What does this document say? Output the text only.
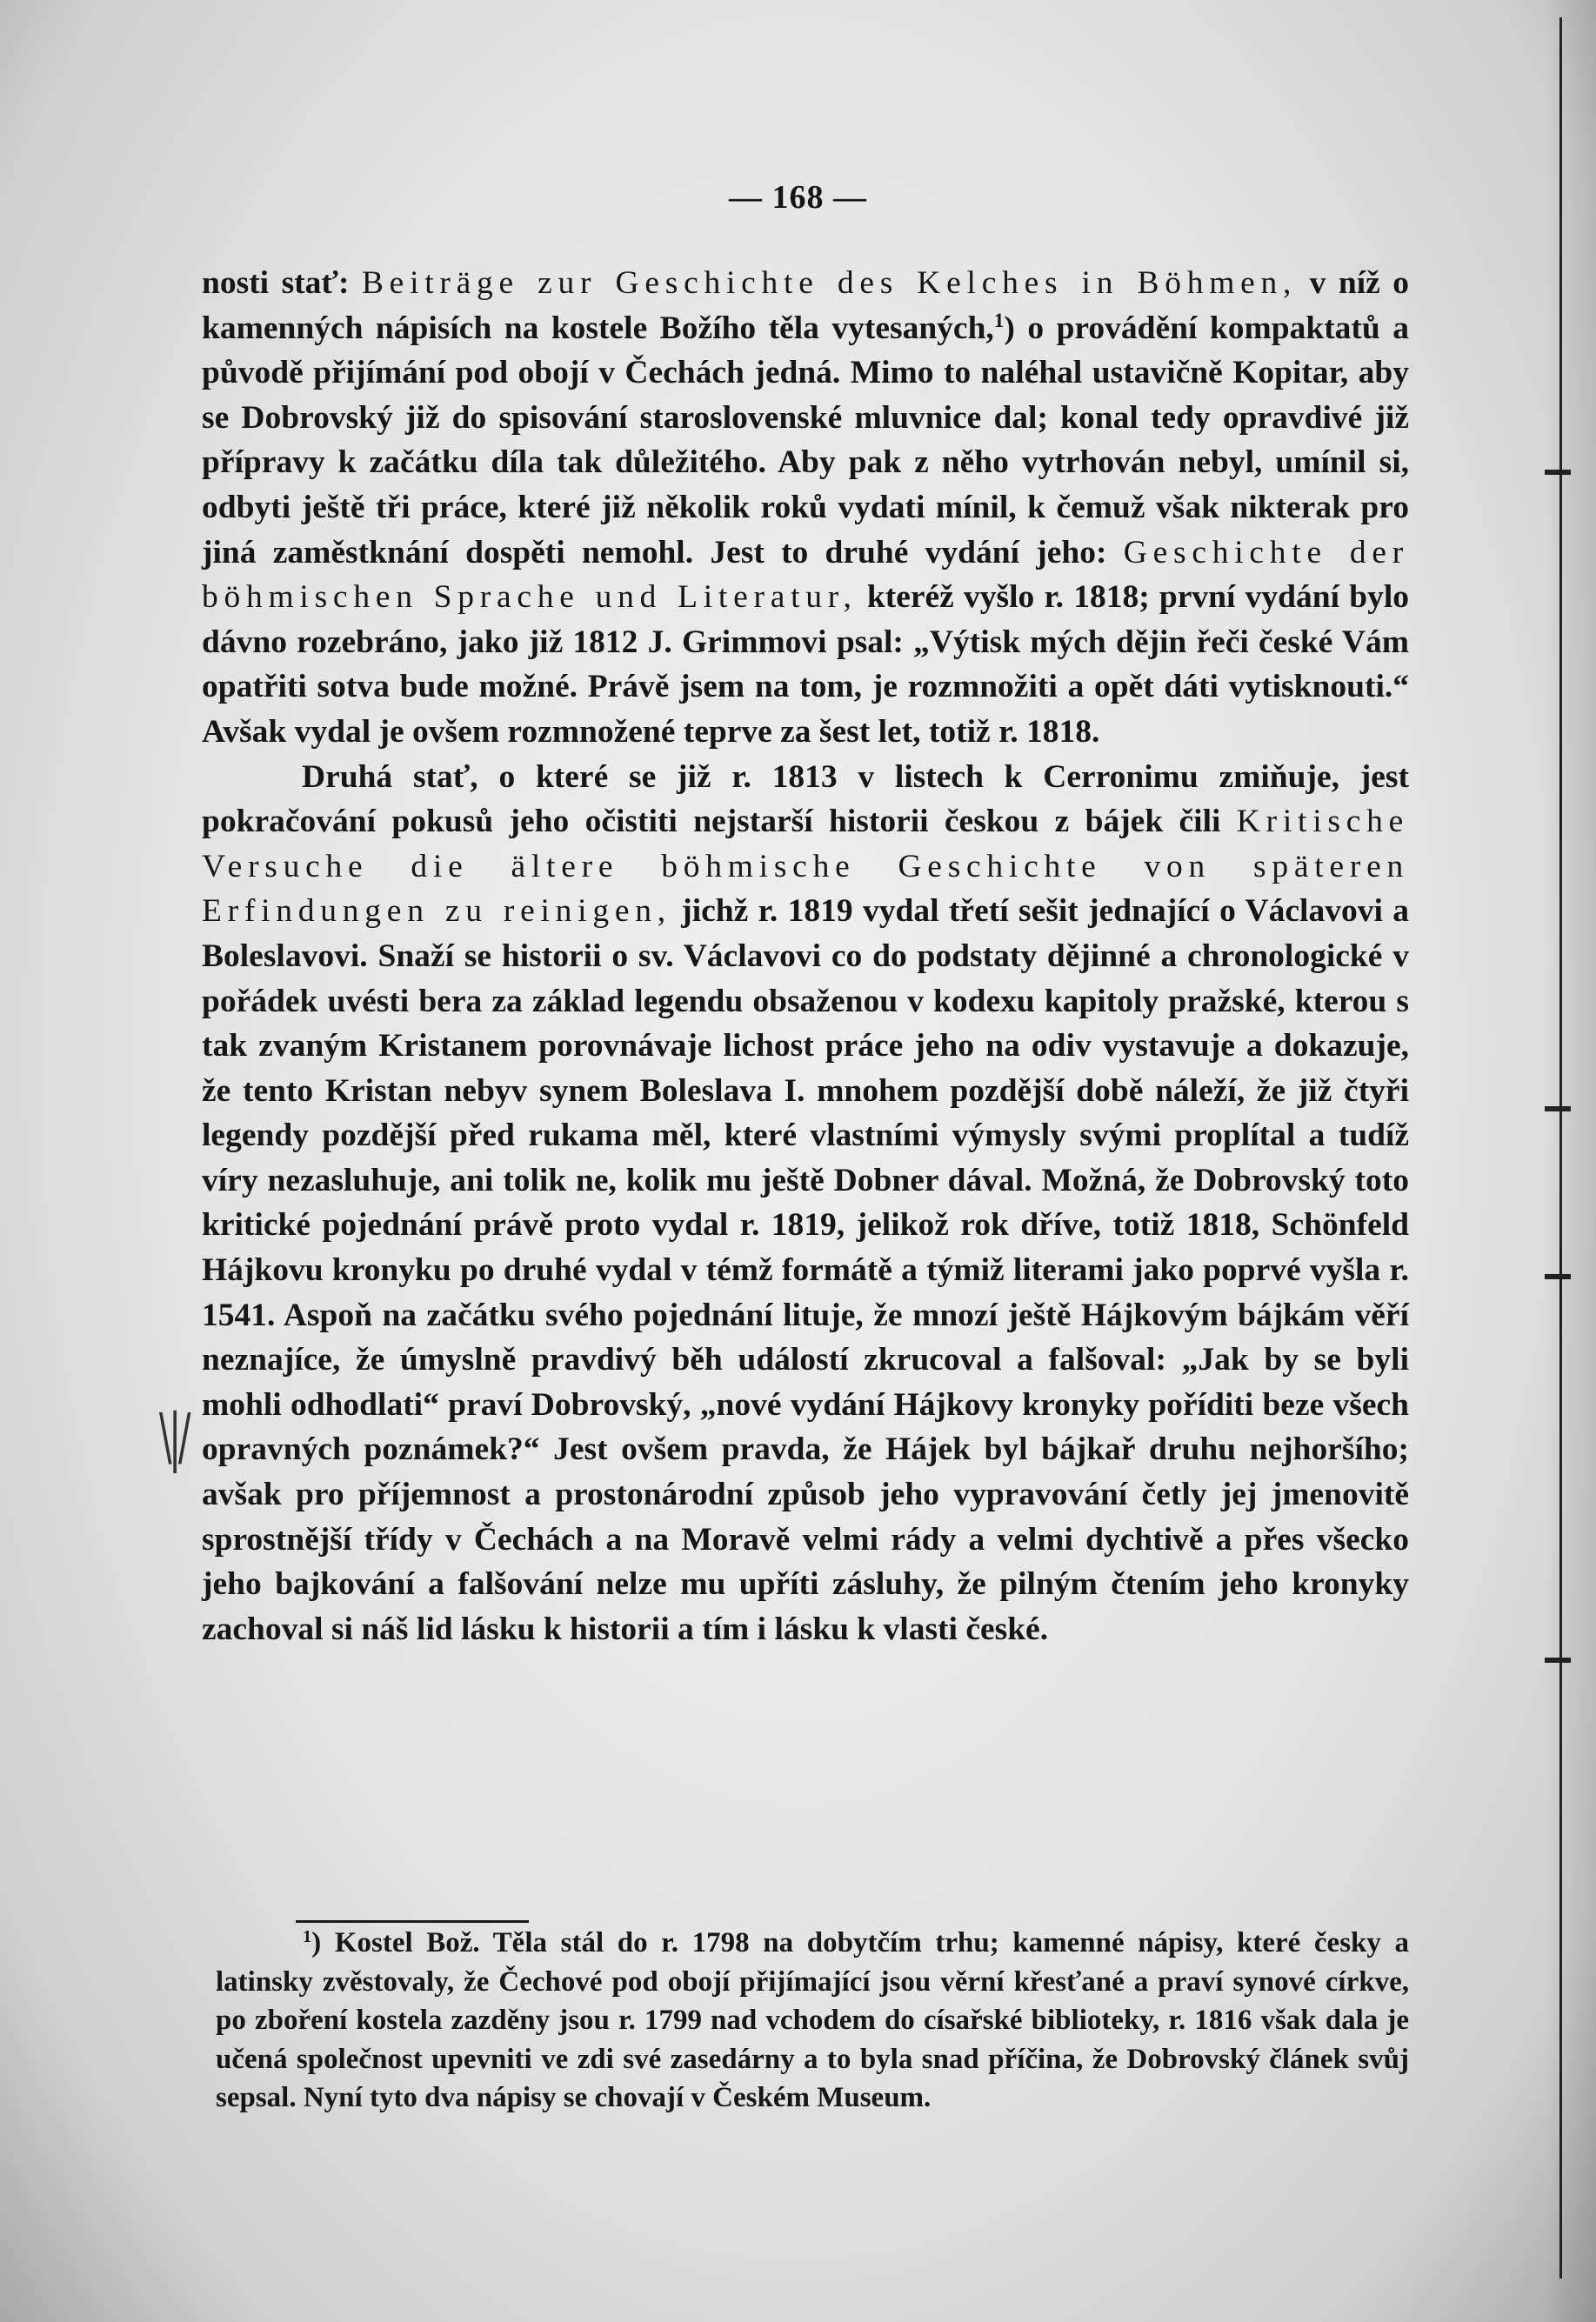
— 168 —

nosti stať: Beiträge zur Geschichte des Kelches in Böhmen, v níž o kamenných nápisích na kostele Božího těla vytesaných,$^1$) o provádění kompaktatů a původě přijímání pod obojí v Čechách jedná. Mimo to naléhal ustavičně Kopitar, aby se Dobrovský již do spisování staroslovenské mluvnice dal; konal tedy opravdivé již přípravy k začátku díla tak důležitého. Aby pak z něho vytrhován nebyl, umínil si, odbyti ještě tři práce, které již několik roků vydati mínil, k čemuž však nikterak pro jiná zaměstknání dospěti nemohl. Jest to druhé vydání jeho: Geschichte der böhmischen Sprache und Literatur, kteréž vyšlo r. 1818; první vydání bylo dávno rozebráno, jako již 1812 J. Grimmovi psal: „Výtisk mých dějin řeči české Vám opatřiti sotva bude možné. Právě jsem na tom, je rozmnožiti a opět dáti vytisknouti.“ Avšak vydal je ovšem rozmnožené teprve za šest let, totiž r. 1818.

Druhá stať, o které se již r. 1813 v listech k Cerronimu zmiňuje, jest pokračování pokusů jeho očistiti nejstarší historii českou z bájek čili Kritische Versuche die ältere böhmische Geschichte von späteren Erfindungen zu reinigen, jichž r. 1819 vydal třetí sešit jednající o Václavovi a Boleslavovi. Snaží se historii o sv. Václavovi co do podstaty dějinné a chronologické v pořádek uvésti bera za základ legendu obsaženou v kodexu kapitoly pražské, kterou s tak zvaným Kristanem porovnávaje lichost práce jeho na odiv vystavuje a dokazuje, že tento Kristan nebyv synem Boleslava I. mnohem pozdější době náleží, že již čtyři legendy pozdější před rukama měl, které vlastními výmysly svými proplítal a tudíž víry nezasluhuje, ani tolik ne, kolik mu ještě Dobner dával. Možná, že Dobrovský toto kritické pojednání právě proto vydal r. 1819, jelikož rok dříve, totiž 1818, Schönfeld Hájkovu kronyku po druhé vydal v témž formátě a týmiž literami jako poprvé vyšla r. 1541. Aspoň na začátku svého pojednání lituje, že mnozí ještě Hájkovým bájkám věří neznajíce, že úmyslně pravdivý běh událostí zkrucoval a falšoval: „Jak by se byli mohli odhodlati“ praví Dobrovský, „nové vydání Hájkovy kronyky poříditi beze všech opravných poznámek?“ Jest ovšem pravda, že Hájek byl bájkař druhu nejhoršího; avšak pro příjemnost a prostonárodní způsob jeho vypravování četly jej jmenovitě sprostnější třídy v Čechách a na Moravě velmi rády a velmi dychtivě a přes všecko jeho bajkování a falšování nelze mu upříti zásluhy, že pilným čtením jeho kronyky zachoval si náš lid lásku k historii a tím i lásku k vlasti české.

$^1$) Kostel Bož. Těla stál do r. 1798 na dobytčím trhu; kamenné nápisy, které česky a latinsky zvěstovaly, že Čechové pod obojí přijímající jsou věrní křesťané a praví synové církve, po zboření kostela zazděny jsou r. 1799 nad vchodem do císařské biblioteky, r. 1816 však dala je učená společnost upevniti ve zdi své zasedárny a to byla snad příčina, že Dobrovský článek svůj sepsal. Nyní tyto dva nápisy se chovají v Českém Museum.

\|/
